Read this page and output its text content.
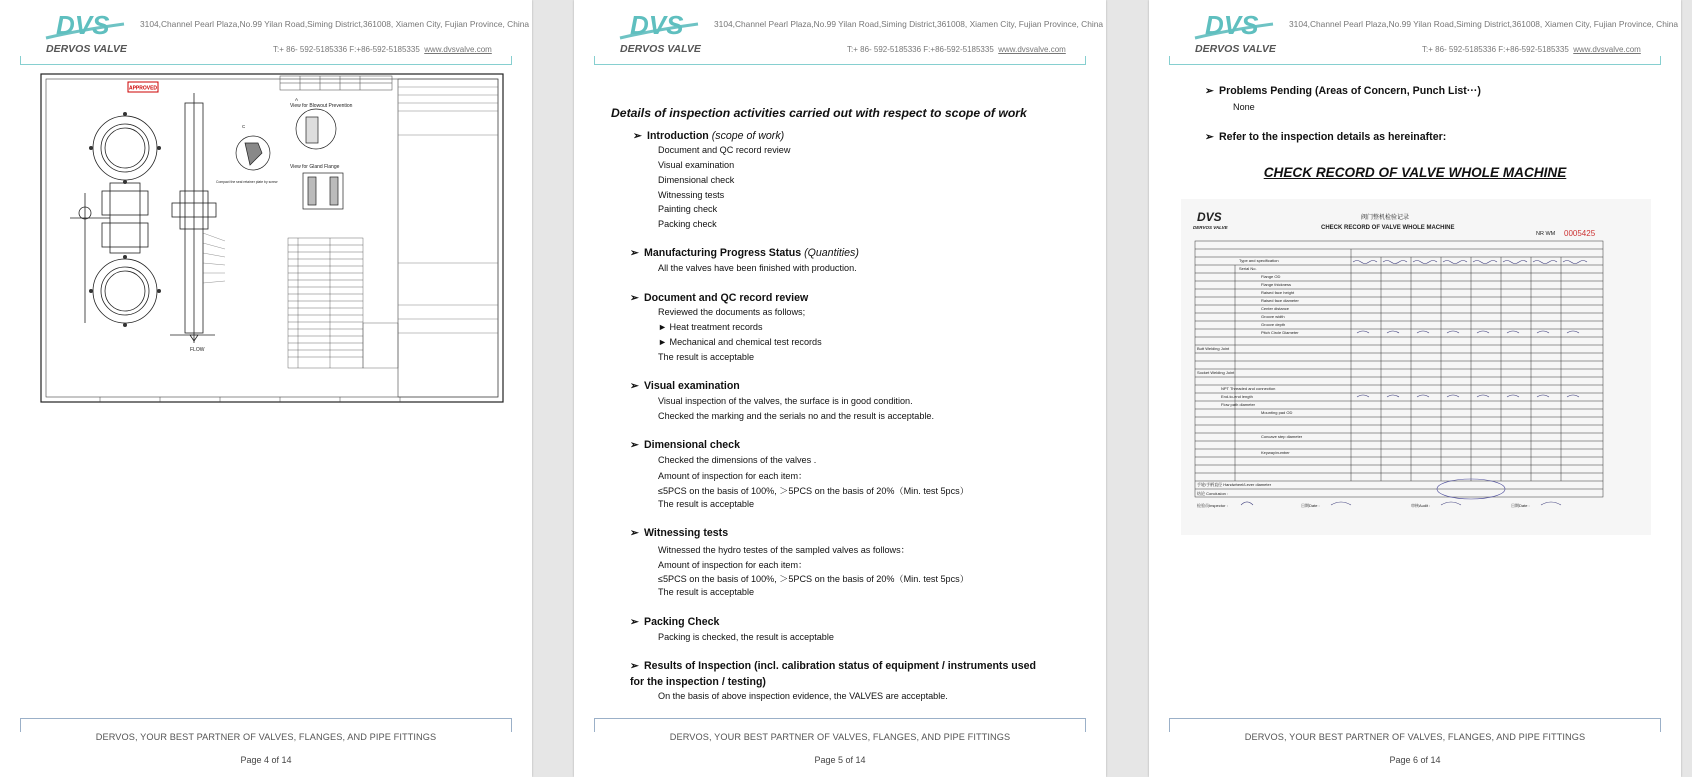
DVS
DERVOS VALVE
3104,Channel Pearl Plaza,No.99 Yilan Road,Siming District,361008, Xiamen City, Fujian Province, China
T:+ 86- 592-5185336 F:+86-592-5185335 www.dvsvalve.com
APPROVED
FLOW
A
View for Blowout Prevention
C
View for Gland Flange
Compact the seal retainer plate by screw
DERVOS, YOUR BEST PARTNER OF VALVES, FLANGES, AND PIPE FITTINGS
Page 4 of 14
DVS
DERVOS VALVE
3104,Channel Pearl Plaza,No.99 Yilan Road,Siming District,361008, Xiamen City, Fujian Province, China
T:+ 86- 592-5185336 F:+86-592-5185335 www.dvsvalve.com
Details of inspection activities carried out with respect to scope of work
➢ Introduction (scope of work)
Document and QC record review
Visual examination
Dimensional check
Witnessing tests
Painting check
Packing check
➢ Manufacturing Progress Status (Quantities)
All the valves have been finished with production.
➢ Document and QC record review
Reviewed the documents as follows;
► Heat treatment records
► Mechanical and chemical test records
The result is acceptable
➢ Visual examination
Visual inspection of the valves, the surface is in good condition.
Checked the marking and the serials no and the result is acceptable.
➢ Dimensional check
Checked the dimensions of the valves .
Amount of inspection for each item：
≤5PCS on the basis of 100%, ＞5PCS on the basis of 20%（Min. test 5pcs）
The result is acceptable
➢ Witnessing tests
Witnessed the hydro testes of the sampled valves as follows：
Amount of inspection for each item：
≤5PCS on the basis of 100%, ＞5PCS on the basis of 20%（Min. test 5pcs）
The result is acceptable
➢ Packing Check
Packing is checked, the result is acceptable
➢ Results of Inspection (incl. calibration status of equipment / instruments used
for the inspection / testing)
On the basis of above inspection evidence, the VALVES are acceptable.
DERVOS, YOUR BEST PARTNER OF VALVES, FLANGES, AND PIPE FITTINGS
Page 5 of 14
DVS
DERVOS VALVE
3104,Channel Pearl Plaza,No.99 Yilan Road,Siming District,361008, Xiamen City, Fujian Province, China
T:+ 86- 592-5185336 F:+86-592-5185335 www.dvsvalve.com
➢ Problems Pending (Areas of Concern, Punch List···)
None
➢ Refer to the inspection details as hereinafter:
CHECK RECORD OF VALVE WHOLE MACHINE
DVS
DERVOS VALVE
阀门整机检验记录
CHECK RECORD OF VALVE WHOLE MACHINE
NR WM 0005425
Type and specification
Serial No.
Flange OD
Flange thickness
Raised face height
Raised face diameter
Center distance
Groove width
Groove depth
Pitch Circle Diameter
Butt Welding Joint
Socket Welding Joint
NPT Threaded and connection
End-to-end length
Flow path diameter
Mounting pad OD
Concave step diameter
Keyway/number
手轮/手柄直径 Handwheel/Lever diameter
结论 Conclusion :
检验员Inspector :	日期Date :	审核Audit :	日期Date :
DERVOS, YOUR BEST PARTNER OF VALVES, FLANGES, AND PIPE FITTINGS
Page 6 of 14
